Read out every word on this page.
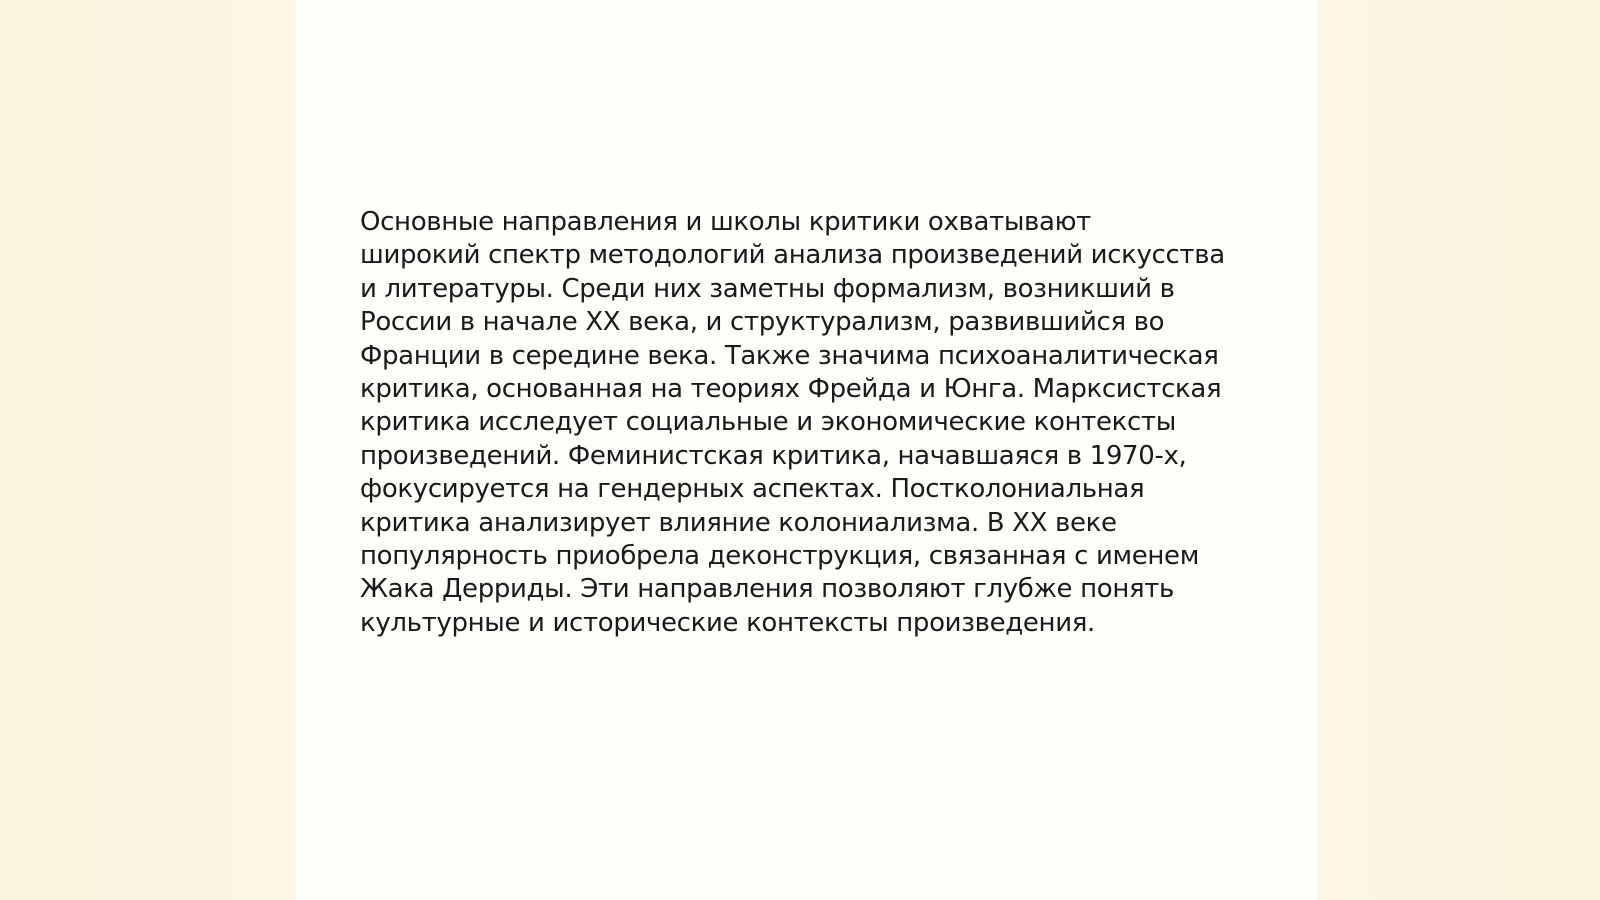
Основные направления и школы критики охватывают
широкий спектр методологий анализа произведений искусства
и литературы. Среди них заметны формализм, возникший в
России в начале XX века, и структурализм, развившийся во
Франции в середине века. Также значима психоаналитическая
критика, основанная на теориях Фрейда и Юнга. Марксистская
критика исследует социальные и экономические контексты
произведений. Феминистская критика, начавшаяся в 1970-х,
фокусируется на гендерных аспектах. Постколониальная
критика анализирует влияние колониализма. В XX веке
популярность приобрела деконструкция, связанная с именем
Жака Дерриды. Эти направления позволяют глубже понять
культурные и исторические контексты произведения.
